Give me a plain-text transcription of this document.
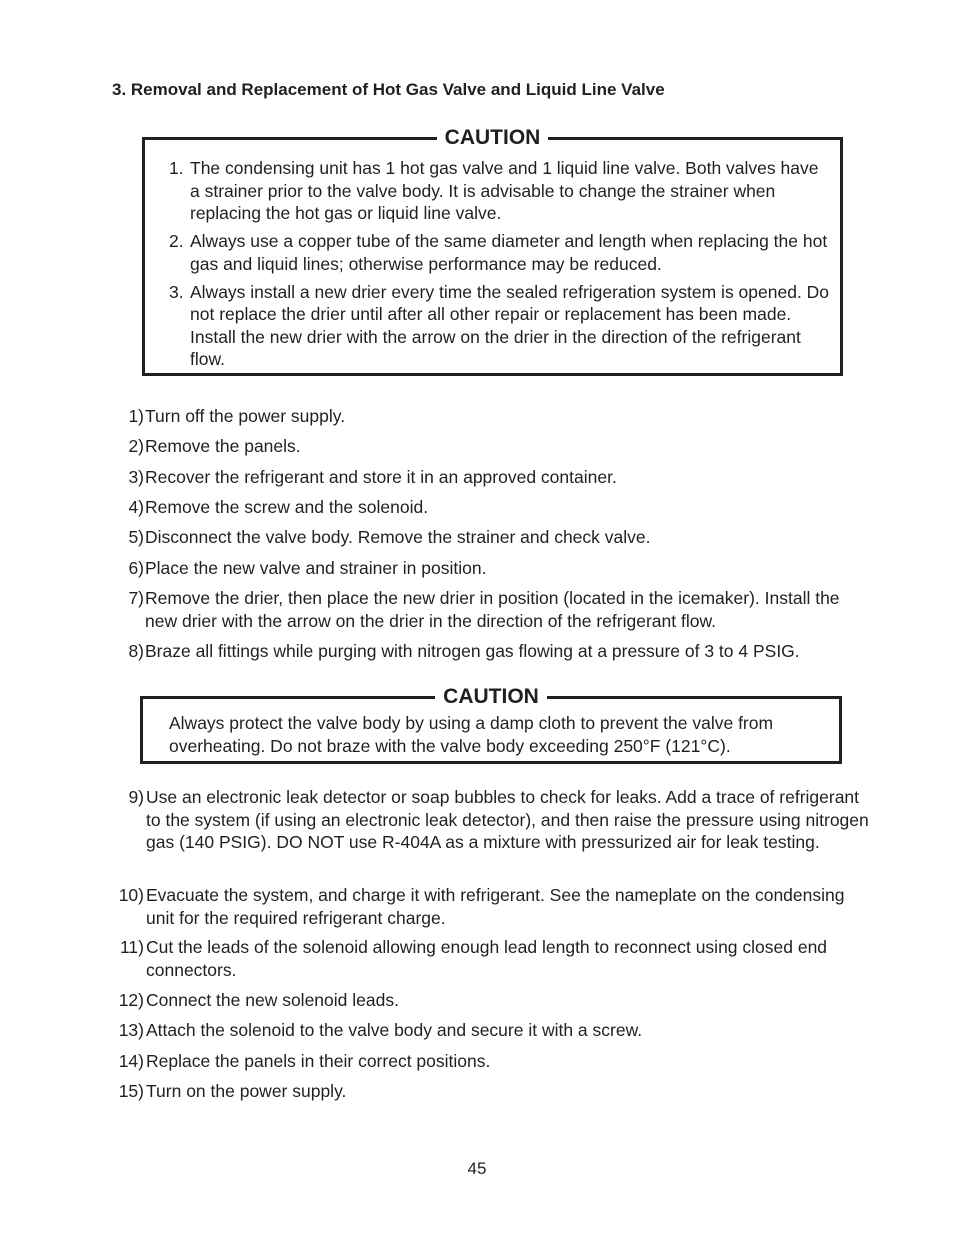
3. Removal and Replacement of Hot Gas Valve and Liquid Line Valve
CAUTION
1. The condensing unit has 1 hot gas valve and 1 liquid line valve. Both valves have a strainer prior to the valve body. It is advisable to change the strainer when replacing the hot gas or liquid line valve.
2. Always use a copper tube of the same diameter and length when replacing the hot gas and liquid lines; otherwise performance may be reduced.
3. Always install a new drier every time the sealed refrigeration system is opened. Do not replace the drier until after all other repair or replacement has been made. Install the new drier with the arrow on the drier in the direction of the refrigerant flow.
1) Turn off the power supply.
2) Remove the panels.
3) Recover the refrigerant and store it in an approved container.
4) Remove the screw and the solenoid.
5) Disconnect the valve body. Remove the strainer and check valve.
6) Place the new valve and strainer in position.
7) Remove the drier, then place the new drier in position (located in the icemaker). Install the new drier with the arrow on the drier in the direction of the refrigerant flow.
8) Braze all fittings while purging with nitrogen gas flowing at a pressure of 3 to 4 PSIG.
CAUTION
Always protect the valve body by using a damp cloth to prevent the valve from overheating. Do not braze with the valve body exceeding 250°F (121°C).
9) Use an electronic leak detector or soap bubbles to check for leaks. Add a trace of refrigerant to the system (if using an electronic leak detector), and then raise the pressure using nitrogen gas (140 PSIG). DO NOT use R-404A as a mixture with pressurized air for leak testing.
10) Evacuate the system, and charge it with refrigerant. See the nameplate on the condensing unit for the required refrigerant charge.
11) Cut the leads of the solenoid allowing enough lead length to reconnect using closed end connectors.
12) Connect the new solenoid leads.
13) Attach the solenoid to the valve body and secure it with a screw.
14) Replace the panels in their correct positions.
15) Turn on the power supply.
45
